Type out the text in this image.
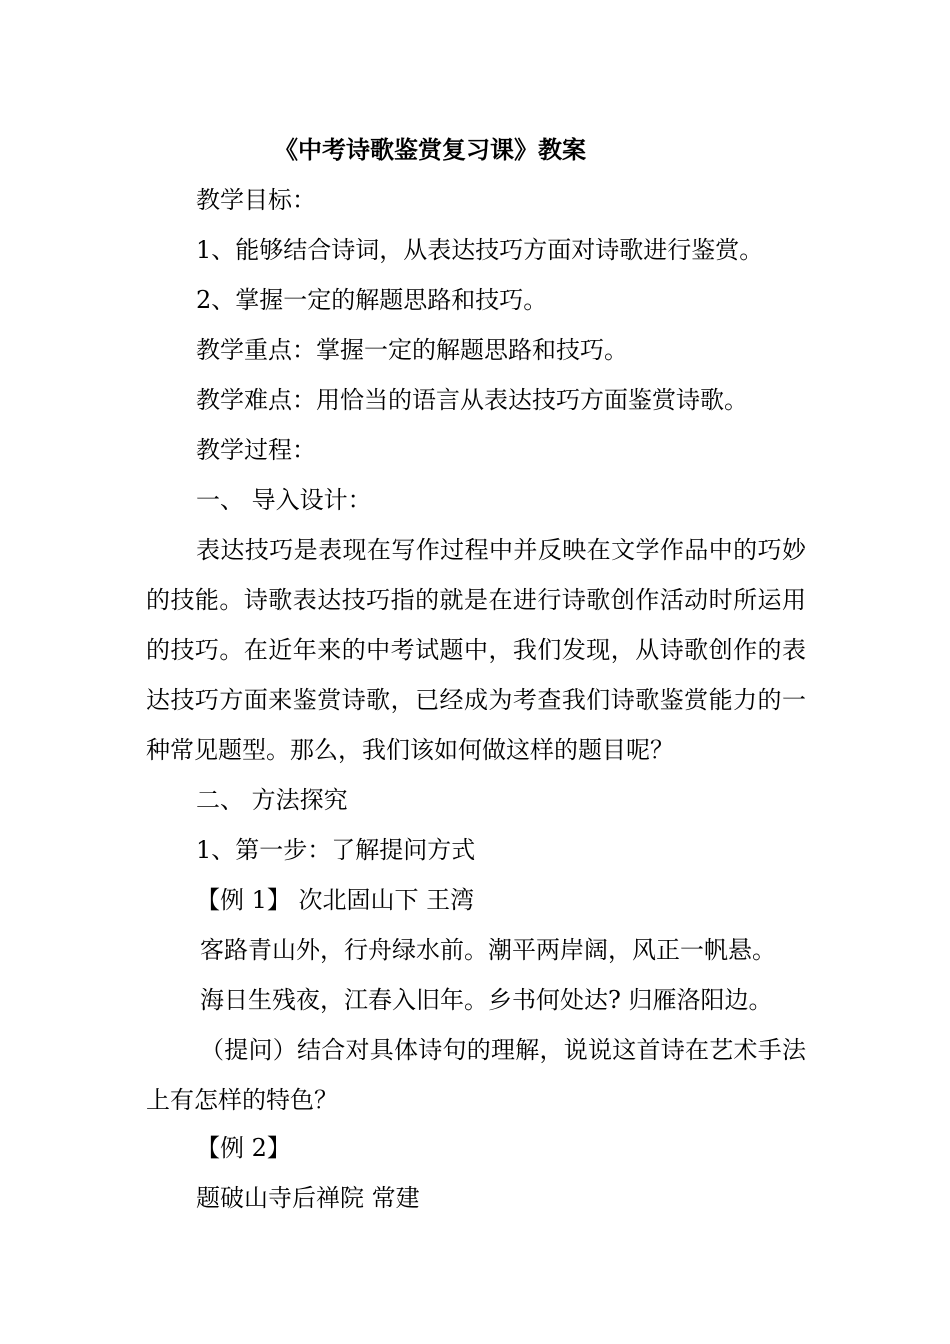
《中考诗歌鉴赏复习课》教案
教学目标：
1、能够结合诗词，从表达技巧方面对诗歌进行鉴赏。
2、掌握一定的解题思路和技巧。
教学重点：掌握一定的解题思路和技巧。
教学难点：用恰当的语言从表达技巧方面鉴赏诗歌。
教学过程：
一、 导入设计：
表达技巧是表现在写作过程中并反映在文学作品中的巧妙的技能。诗歌表达技巧指的就是在进行诗歌创作活动时所运用的技巧。在近年来的中考试题中，我们发现，从诗歌创作的表达技巧方面来鉴赏诗歌，已经成为考查我们诗歌鉴赏能力的一种常见题型。那么，我们该如何做这样的题目呢？
二、 方法探究
1、第一步：了解提问方式
【例 1】 次北固山下 王湾
客路青山外，行舟绿水前。潮平两岸阔，风正一帆悬。
海日生残夜，江春入旧年。乡书何处达? 归雁洛阳边。
（提问）结合对具体诗句的理解，说说这首诗在艺术手法上有怎样的特色？
【例 2】
题破山寺后禅院 常建
